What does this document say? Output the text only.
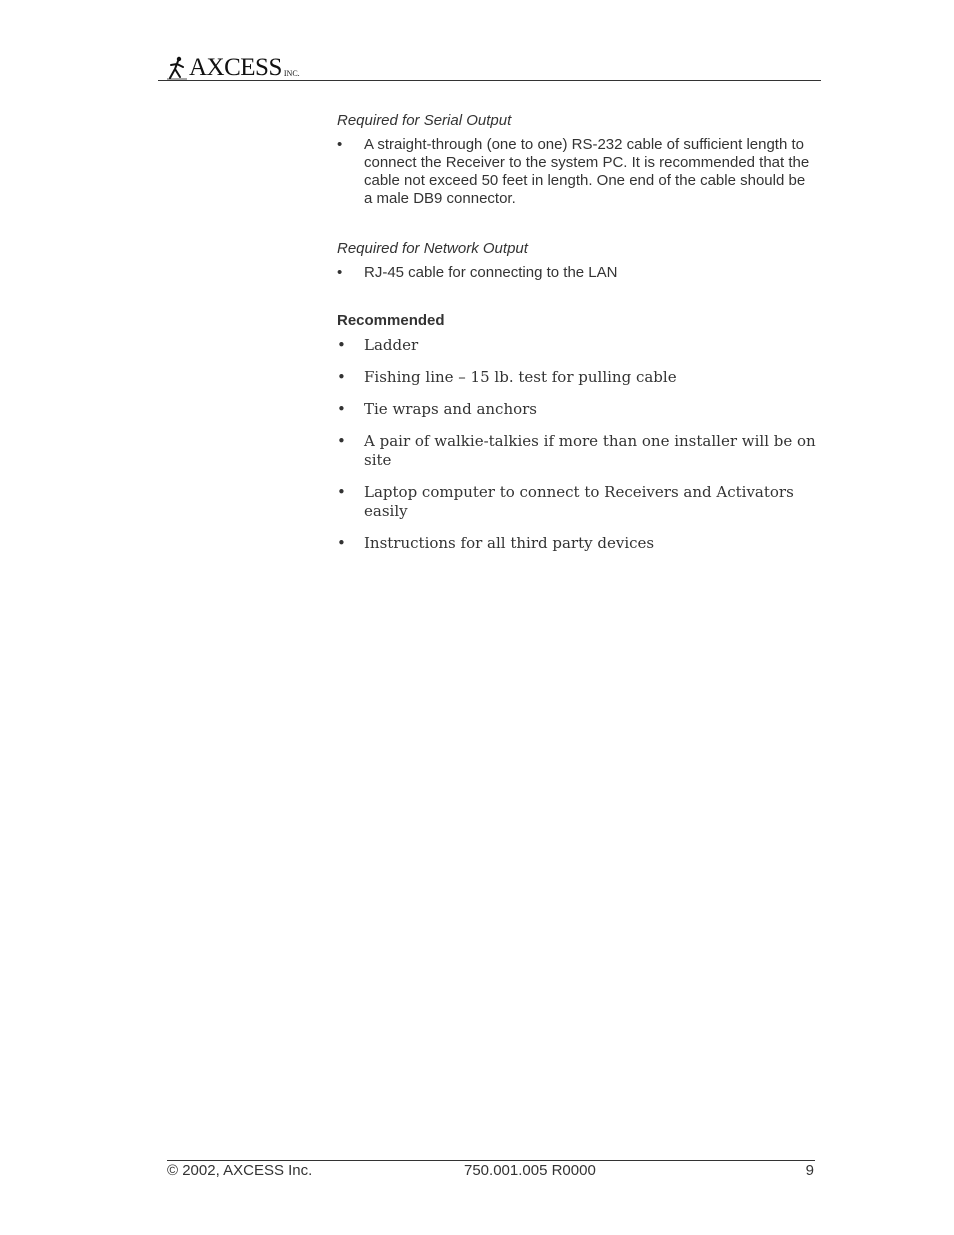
AXCESS INC.
Required for Serial Output
• A straight-through (one to one) RS-232 cable of sufficient length to connect the Receiver to the system PC. It is recommended that the cable not exceed 50 feet in length. One end of the cable should be a male DB9 connector.
Required for Network Output
• RJ-45 cable for connecting to the LAN
Recommended
• Ladder
• Fishing line – 15 lb. test for pulling cable
• Tie wraps and anchors
• A pair of walkie-talkies if more than one installer will be on site
• Laptop computer to connect to Receivers and Activators easily
• Instructions for all third party devices
© 2002, AXCESS Inc.	750.001.005 R0000	9
